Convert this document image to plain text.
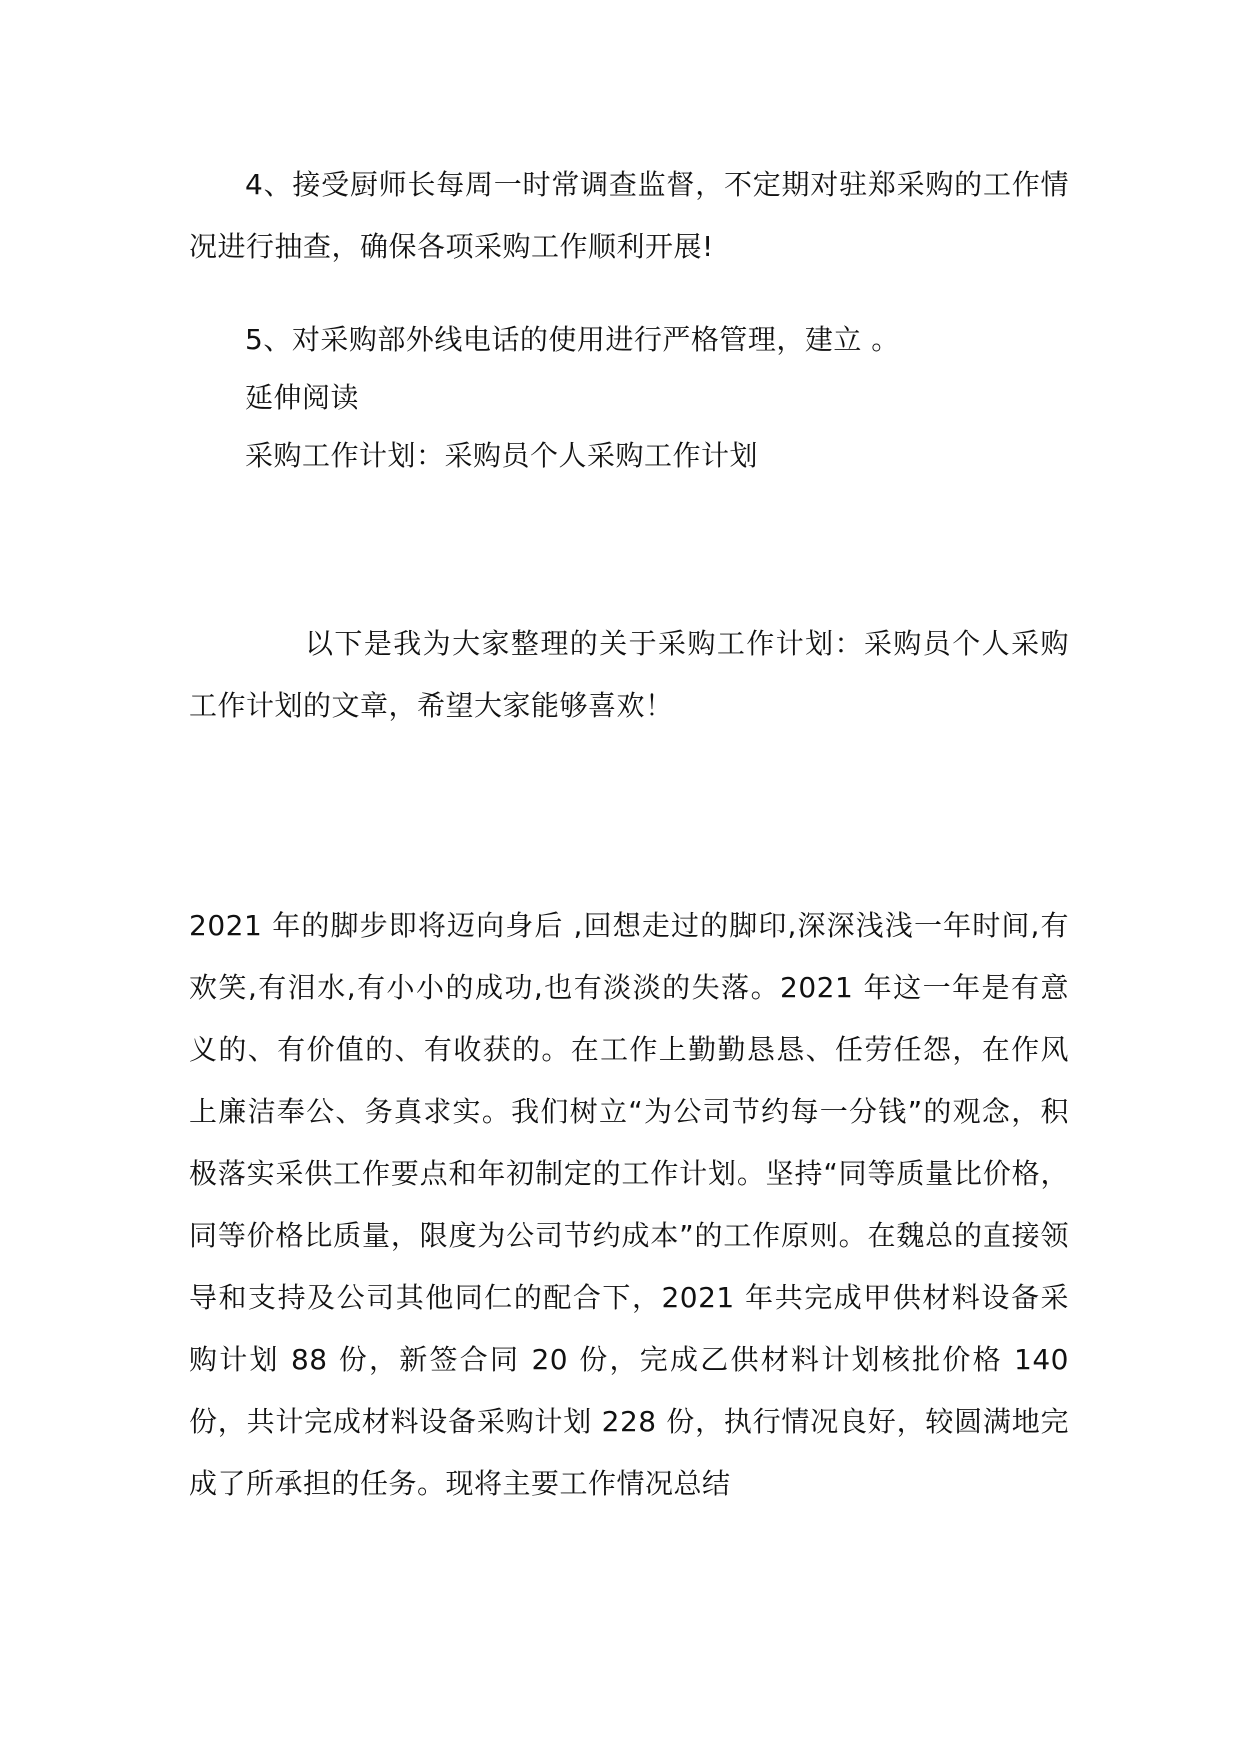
4、接受厨师长每周一时常调查监督，不定期对驻郑采购的工作情况进行抽查，确保各项采购工作顺利开展!

5、对采购部外线电话的使用进行严格管理，建立 。

延伸阅读

采购工作计划：采购员个人采购工作计划

以下是我为大家整理的关于采购工作计划：采购员个人采购工作计划的文章，希望大家能够喜欢！

2021 年的脚步即将迈向身后 ,回想走过的脚印,深深浅浅一年时间,有欢笑,有泪水,有小小的成功,也有淡淡的失落。2021 年这一年是有意义的、有价值的、有收获的。在工作上勤勤恳恳、任劳任怨，在作风上廉洁奉公、务真求实。我们树立“为公司节约每一分钱”的观念，积极落实采供工作要点和年初制定的工作计划。坚持“同等质量比价格，同等价格比质量，限度为公司节约成本”的工作原则。在魏总的直接领导和支持及公司其他同仁的配合下，2021 年共完成甲供材料设备采购计划 88 份，新签合同 20 份，完成乙供材料计划核批价格 140 份，共计完成材料设备采购计划 228 份，执行情况良好，较圆满地完成了所承担的任务。现将主要工作情况总结
